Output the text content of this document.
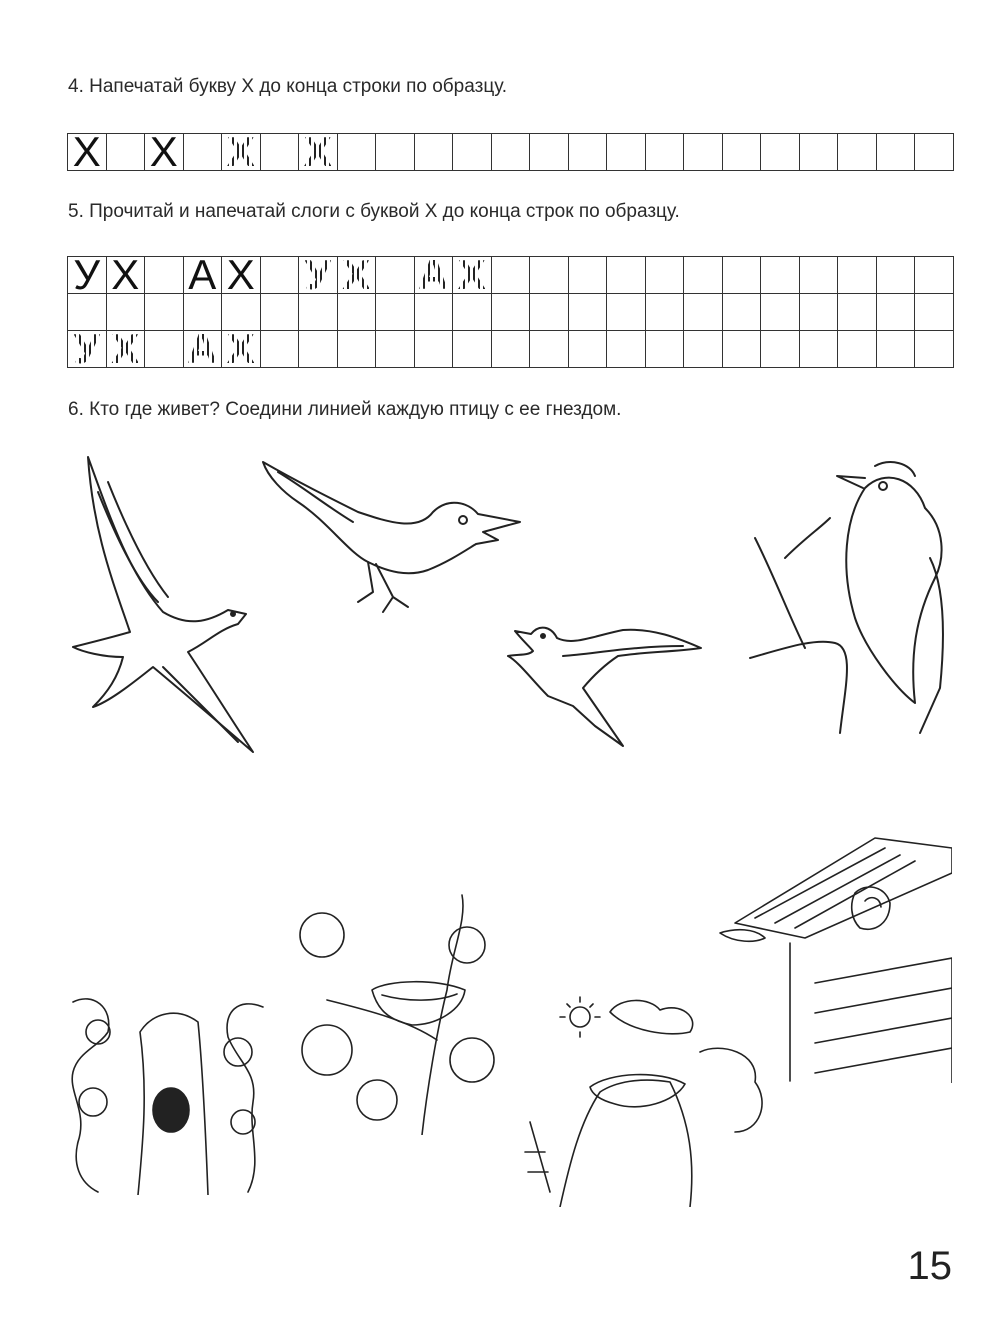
4. Напечатай букву Х до конца строки по образцу.
Х Х Х Х
5. Прочитай и напечатай слоги с буквой Х до конца строк по образцу.
У Х А Х У Х А Х
У Х А Х
6. Кто где живет? Соедини линией каждую птицу с ее гнездом.
15
